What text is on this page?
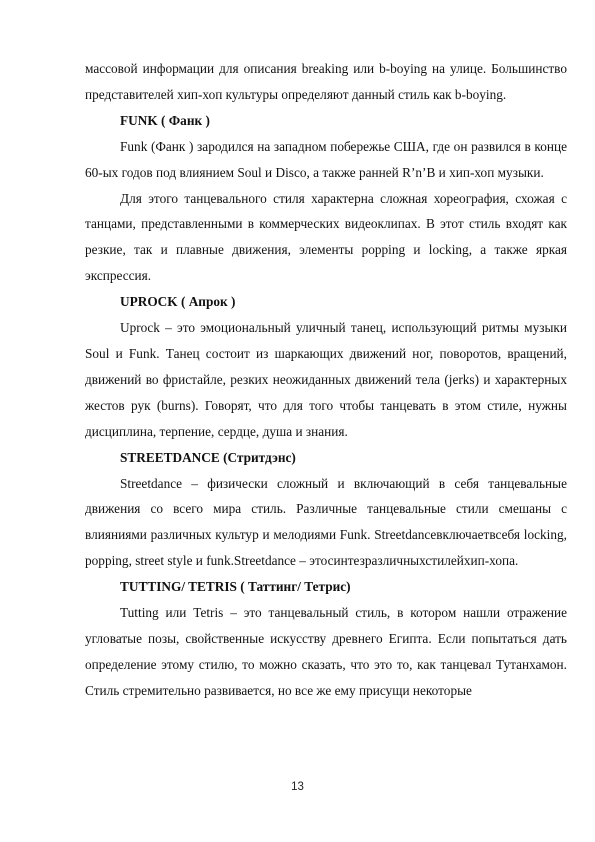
массовой информации для описания breaking или b-boying на улице. Большинство представителей хип-хоп культуры определяют данный стиль как b-boying.

FUNK ( Фанк )

Funk (Фанк ) зародился на западном побережье США, где он развился в конце 60-ых годов под влиянием Soul и Disco, а также ранней R’n’B и хип-хоп музыки.

Для этого танцевального стиля характерна сложная хореография, схожая с танцами, представленными в коммерческих видеоклипах. В этот стиль входят как резкие, так и плавные движения, элементы popping и locking, а также яркая экспрессия.

UPROCK ( Апрок )

Uprock – это эмоциональный уличный танец, использующий ритмы музыки Soul и Funk. Танец состоит из шаркающих движений ног, поворотов, вращений, движений во фристайле, резких неожиданных движений тела (jerks) и характерных жестов рук (burns). Говорят, что для того чтобы танцевать в этом стиле, нужны дисциплина, терпение, сердце, душа и знания.

STREETDANCE (Стритдэнс)

Streetdance – физически сложный и включающий в себя танцевальные движения со всего мира стиль. Различные танцевальные стили смешаны с влияниями различных культур и мелодиями Funk. Streetdanceвключаетвсебя locking, popping, street style и funk.Streetdance – этосинтезразличныхстилейхип-хопа.

TUTTING/ TETRIS ( Таттинг/ Тетрис)

Tutting или Tetris – это танцевальный стиль, в котором нашли отражение угловатые позы, свойственные искусству древнего Египта. Если попытаться дать определение этому стилю, то можно сказать, что это то, как танцевал Тутанхамон. Стиль стремительно развивается, но все же ему присущи некоторые

13
